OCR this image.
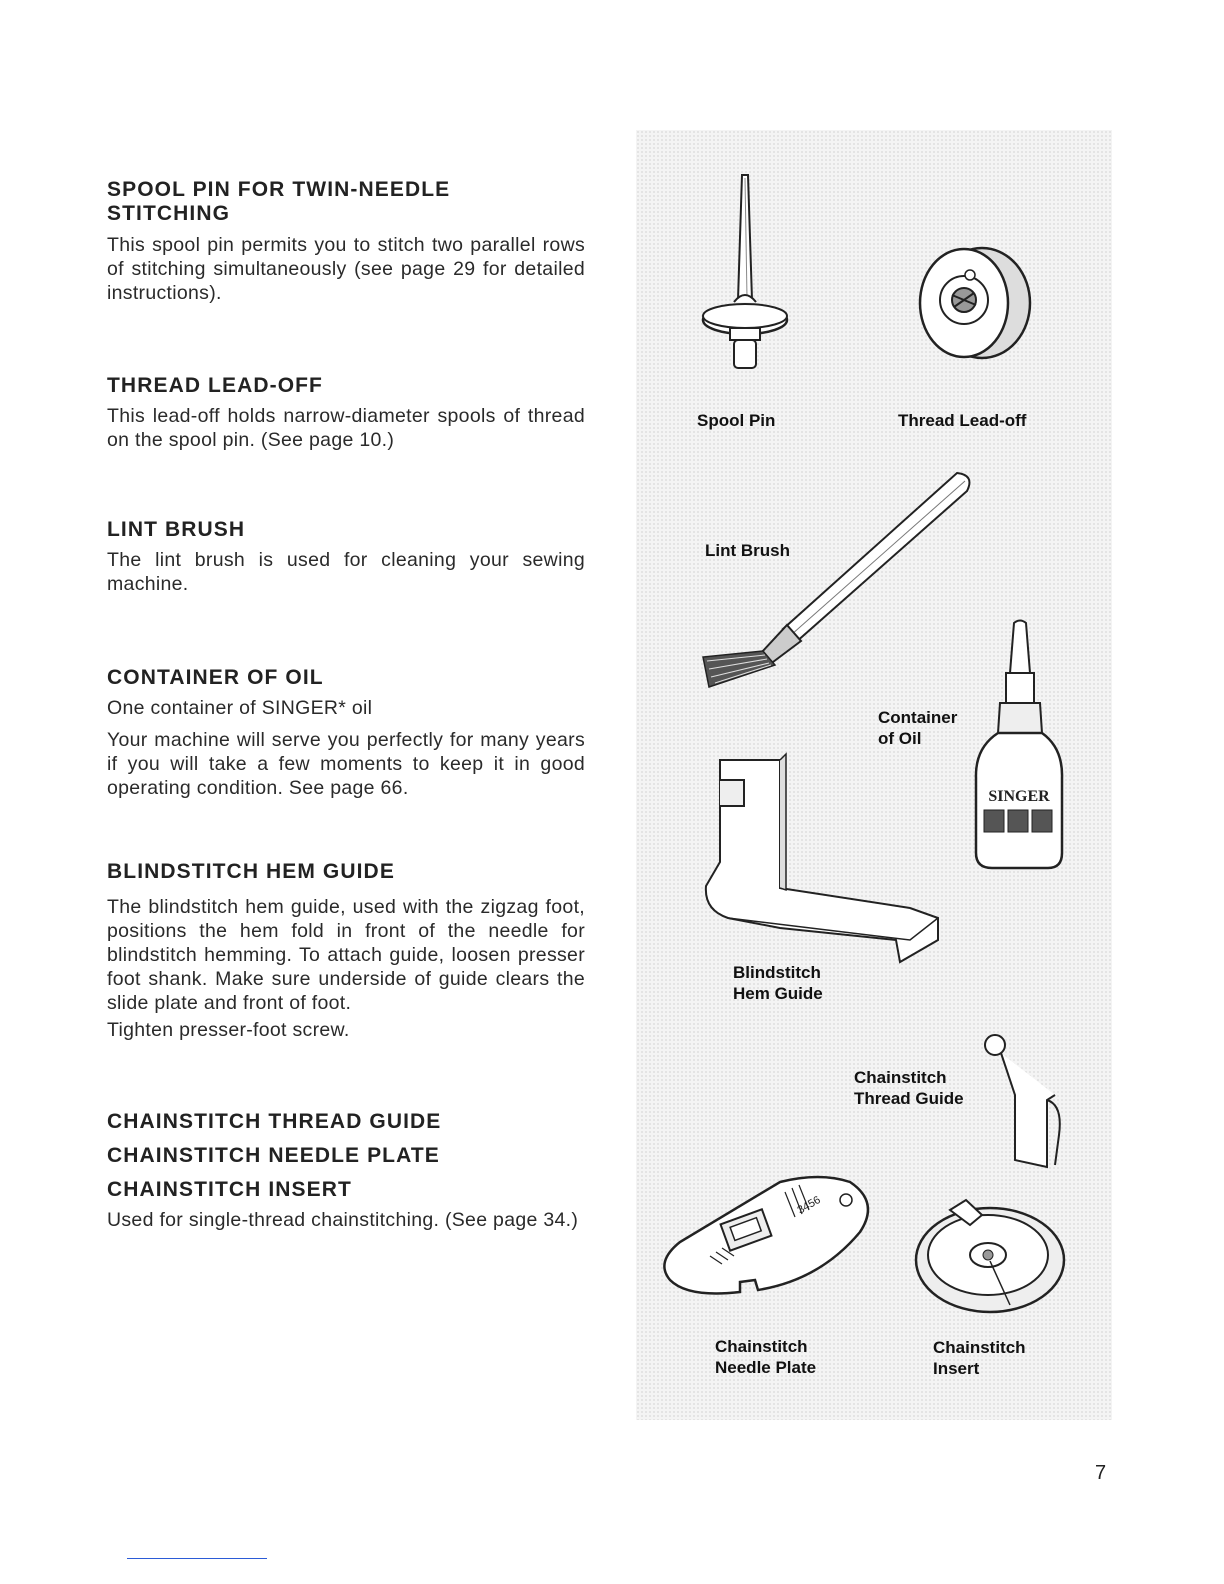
SPOOL PIN FOR TWIN-NEEDLE STITCHING

This spool pin permits you to stitch two parallel rows of stitching simultaneously (see page 29 for detailed instructions).

THREAD LEAD-OFF

This lead-off holds narrow-diameter spools of thread on the spool pin. (See page 10.)

LINT BRUSH

The lint brush is used for cleaning your sewing machine.

CONTAINER OF OIL

One container of SINGER* oil

Your machine will serve you perfectly for many years if you will take a few moments to keep it in good operating condition. See page 66.

BLINDSTITCH HEM GUIDE

The blindstitch hem guide, used with the zigzag foot, positions the hem fold in front of the needle for blindstitch hemming. To attach guide, loosen presser foot shank. Make sure underside of guide clears the slide plate and front of foot.

Tighten presser-foot screw.

CHAINSTITCH THREAD GUIDE
CHAINSTITCH NEEDLE PLATE
CHAINSTITCH INSERT

Used for single-thread chainstitching. (See page 34.)

Spool Pin	Thread Lead-off
Lint Brush
SINGER
Container
of Oil
Blindstitch
Hem Guide
Chainstitch
Thread Guide
3456
Chainstitch
Needle Plate
Chainstitch
Insert
7
